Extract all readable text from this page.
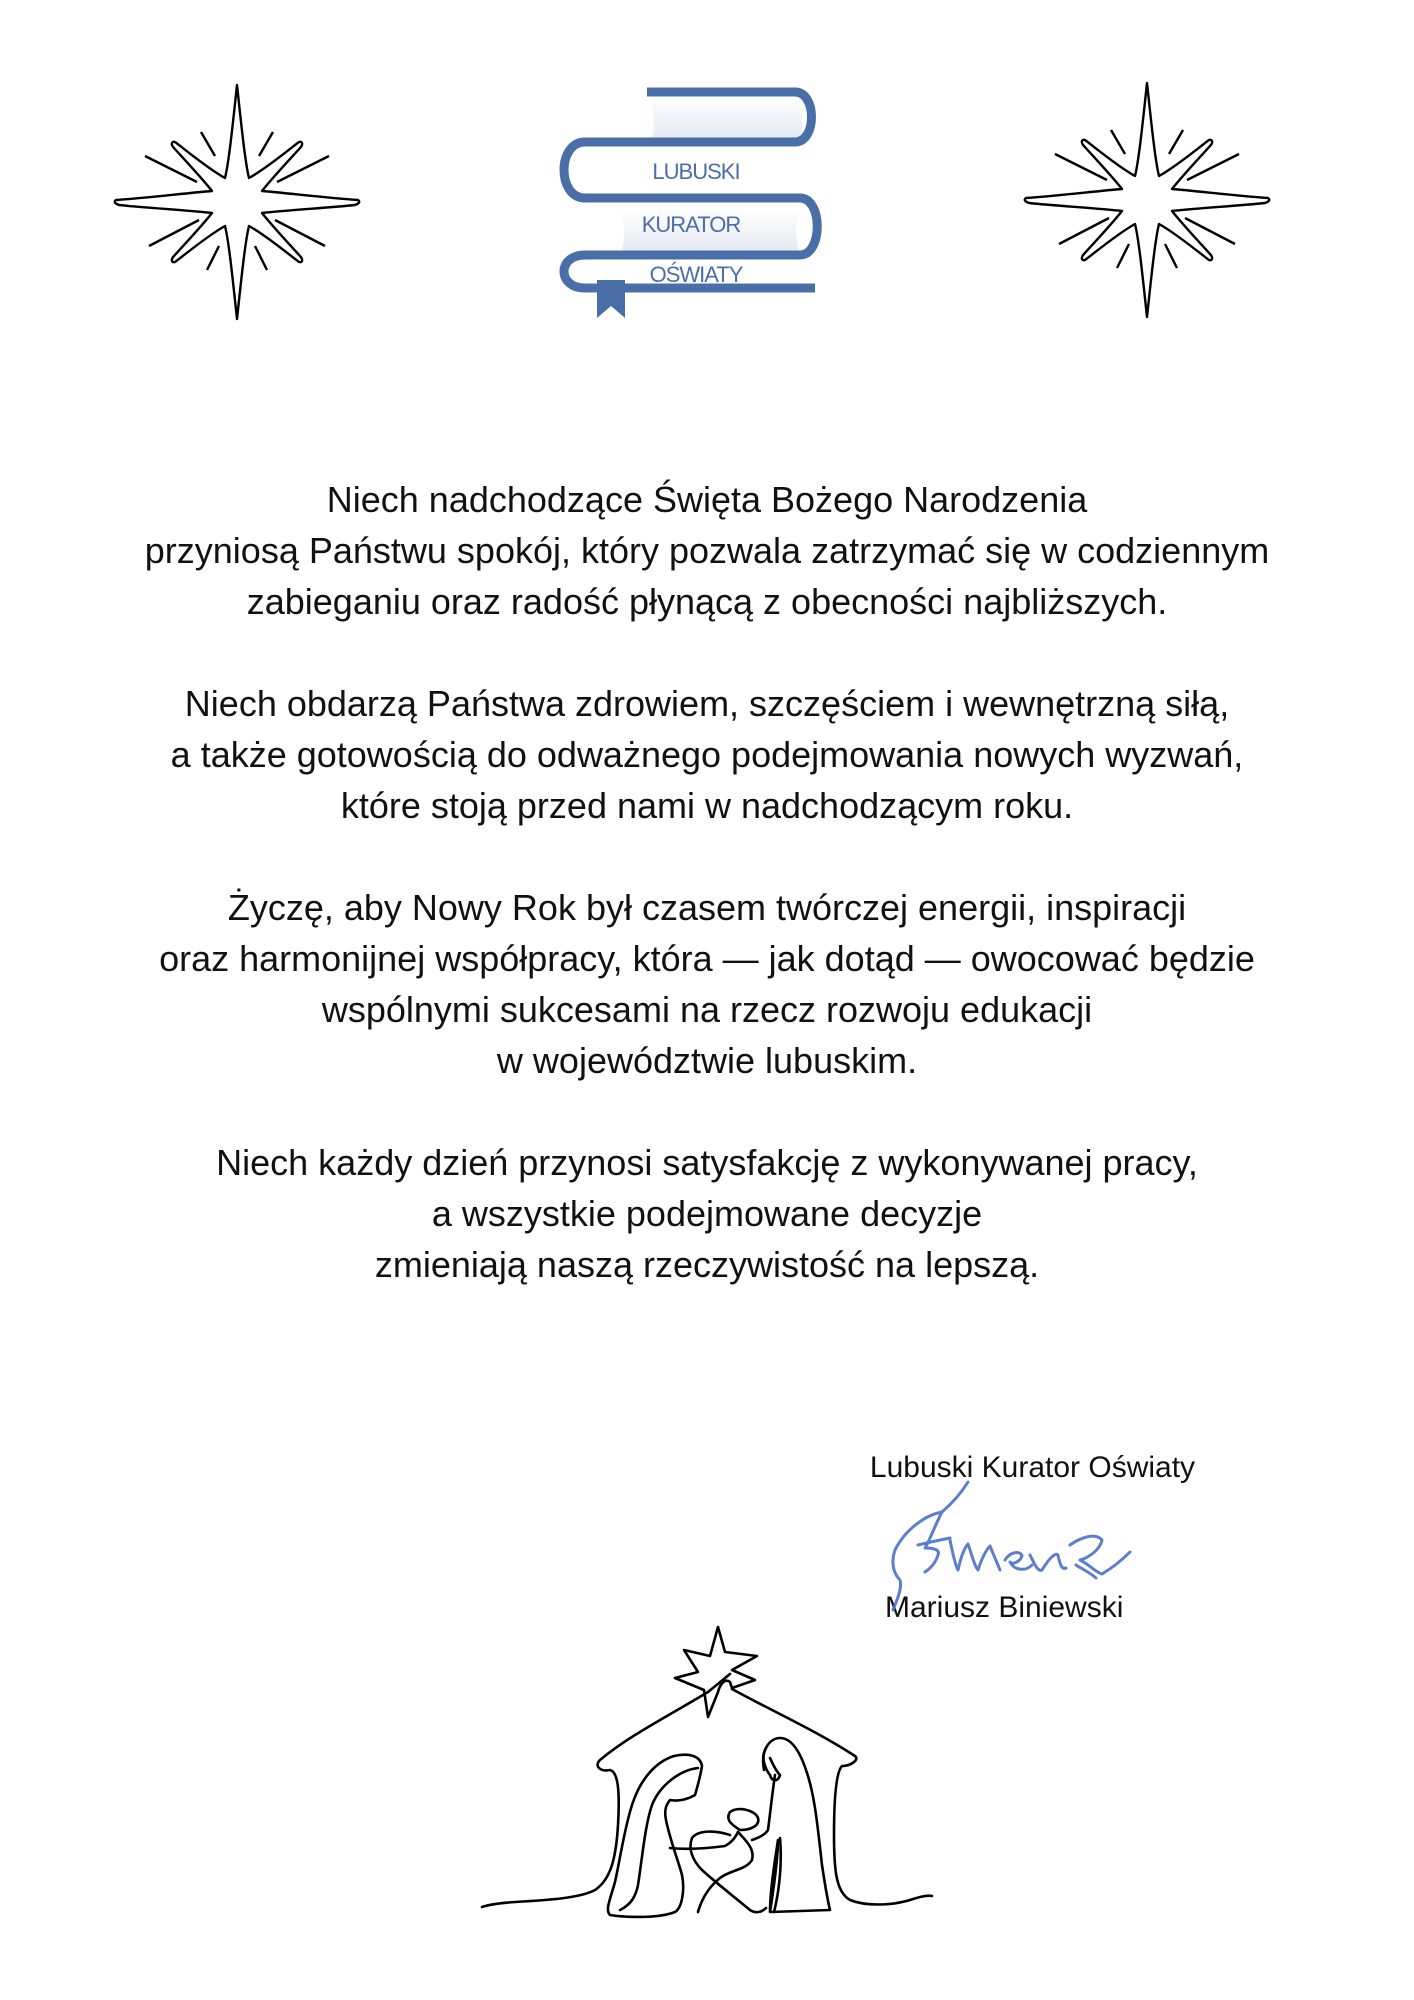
LUBUSKI
KURATOR
OŚWIATY

Niech nadchodzące Święta Bożego Narodzenia
przyniosą Państwu spokój, który pozwala zatrzymać się w codziennym
zabieganiu oraz radość płynącą z obecności najbliższych.

Niech obdarzą Państwa zdrowiem, szczęściem i wewnętrzną siłą,
a także gotowością do odważnego podejmowania nowych wyzwań,
które stoją przed nami w nadchodzącym roku.

Życzę, aby Nowy Rok był czasem twórczej energii, inspiracji
oraz harmonijnej współpracy, która — jak dotąd — owocować będzie
wspólnymi sukcesami na rzecz rozwoju edukacji
w województwie lubuskim.

Niech każdy dzień przynosi satysfakcję z wykonywanej pracy,
a wszystkie podejmowane decyzje
zmieniają naszą rzeczywistość na lepszą.

Lubuski Kurator Oświaty
Mariusz Biniewski
